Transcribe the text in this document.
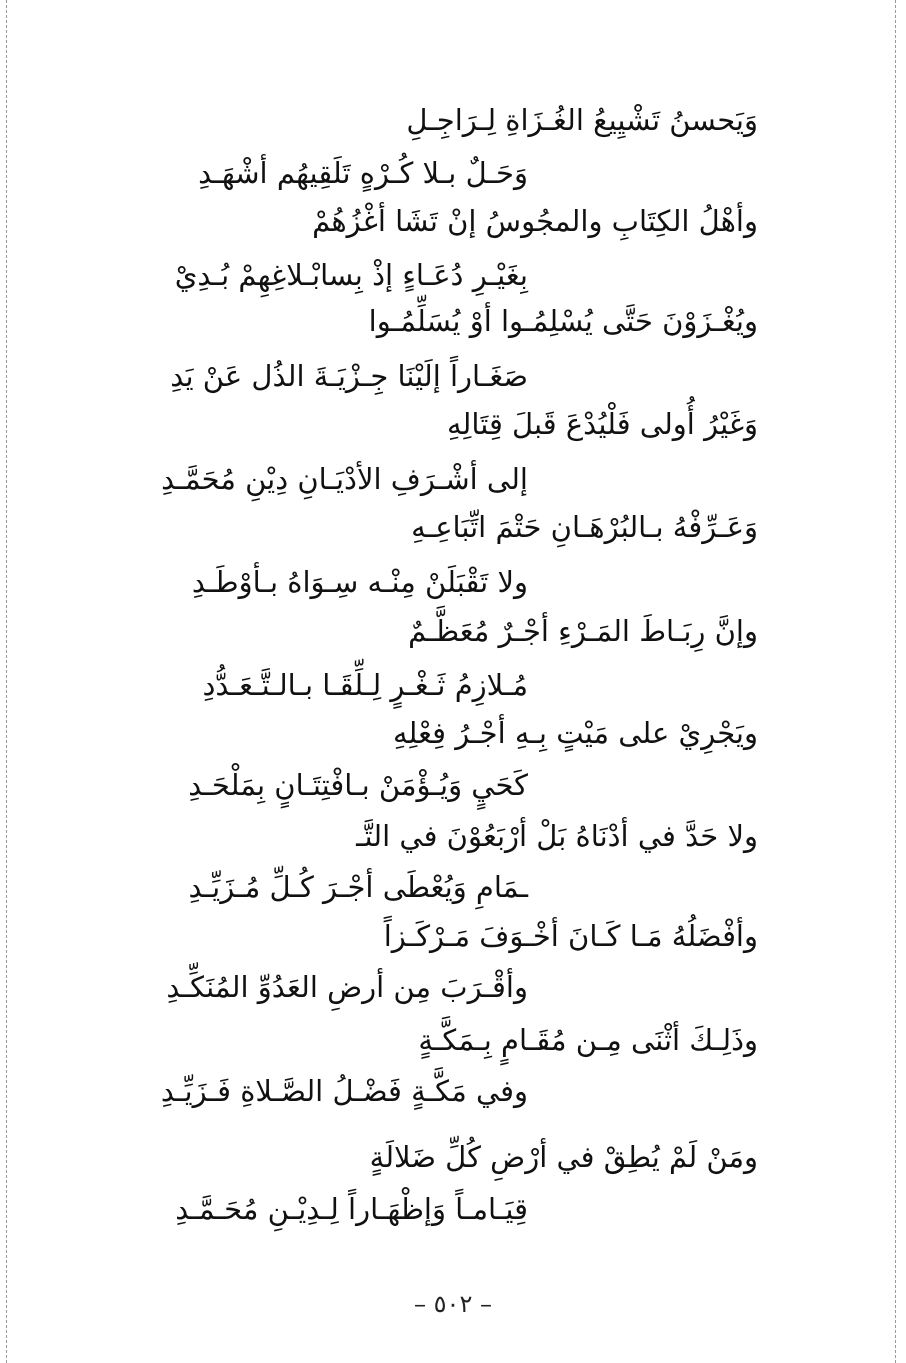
وَيَحسنُ تَشْيِيعُ الغُـزَاةِ لِـرَاجِـلِ
وَحَـلٌ بـلا كُـرْهٍ تَلَقِيهُم أشْهَـدِ
وأهْلُ الكِتَابِ والمجُوسُ إنْ تَشَا أغْزُهُمْ
بِغَيْـرِ دُعَـاءٍ إذْ بِسابْـلاغِهِمْ بُـدِيْ
ويُغْـزَوْنَ حَتَّى يُسْلِمُـوا أوْ يُسَلِّمُـوا
صَغَـاراً إلَيْنَا جِـزْيَـةَ الذُل عَنْ يَدِ
وَغَيْرُ أُولى فَلْيُدْعَ قَبلَ قِتَالِهِ
إلى أشْـرَفِ الأدْيَـانِ دِيْنِ مُحَمَّـدِ
وَعَـرِّفْهُ بـالبُرْهَـانِ حَتْمَ اتِّبَاعِـهِ
ولا تَقْبَلَنْ مِنْـه سِـوَاهُ بـأوْطَـدِ
وإنَّ رِبَـاطَ المَـرْءِ أجْـرٌ مُعَظَّـمٌ
مُـلازِمُ ثَـغْـرٍ لِـلِّقَـا بـالـتَّـعَـدُّدِ
ويَجْرِيْ على مَيْتٍ بِـهِ أجْـرُ فِعْلِهِ
كَحَيٍ وَيُـؤْمَنْ بـافْتِتَـانٍ بِمَلْحَـدِ
ولا حَدَّ في أدْنَاهُ بَلْ أرْبَعُوْنَ في التَّـ
ـمَامِ وَيُعْطَى أجْـرَ كُـلِّ مُـزَيِّـدِ
وأفْضَلُهُ مَـا كَـانَ أخْـوَفَ مَـرْكَـزاً
وأقْـرَبَ مِن أرضِ العَدُوِّ المُنَكِّـدِ
وذَلِـكَ أثْنَى مِـن مُقَـامٍ بِـمَكَّـةٍ
وفي مَكَّـةٍ فَضْـلُ الصَّـلاةِ فَـزَيِّـدِ
ومَنْ لَمْ يُطِقْ في أرْضِ كُلِّ ضَلالَةٍ
قِيَـامـاً وَإظْهَـاراً لِـدِيْـنِ مُحَـمَّـدِ
– ٥٠٢ –
